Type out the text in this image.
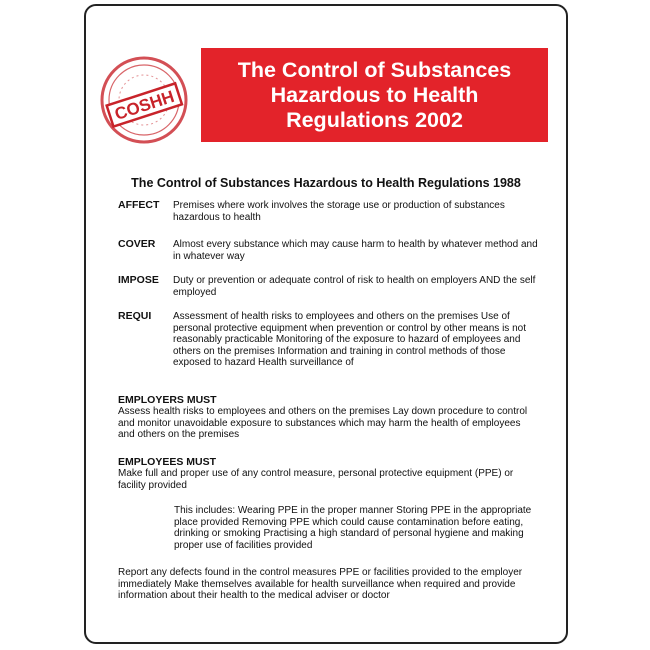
COSHH
The Control of Substances
Hazardous to Health
Regulations 2002
The Control of Substances Hazardous to Health Regulations 1988
AFFECT	Premises where work involves the storage use or production of substances hazardous to health
COVER	Almost every substance which may cause harm to health by whatever method and in whatever way
IMPOSE	Duty or prevention or adequate control of risk to health on employers AND the self employed
REQUI	Assessment of health risks to employees and others on the premises Use of personal protective equipment when prevention or control by other means is not reasonably practicable Monitoring of the exposure to hazard of employees and others on the premises Information and training in control methods of those exposed to hazard Health surveillance of
EMPLOYERS MUST
Assess health risks to employees and others on the premises Lay down procedure to control and monitor unavoidable exposure to substances which may harm the health of employees and others on the premises
EMPLOYEES MUST
Make full and proper use of any control measure, personal protective equipment (PPE) or facility provided
This includes: Wearing PPE in the proper manner Storing PPE in the appropriate place provided Removing PPE which could cause contamination before eating, drinking or smoking Practising a high standard of personal hygiene and making proper use of facilities provided
Report any defects found in the control measures PPE or facilities provided to the employer immediately Make themselves available for health surveillance when required and provide information about their health to the medical adviser or doctor
